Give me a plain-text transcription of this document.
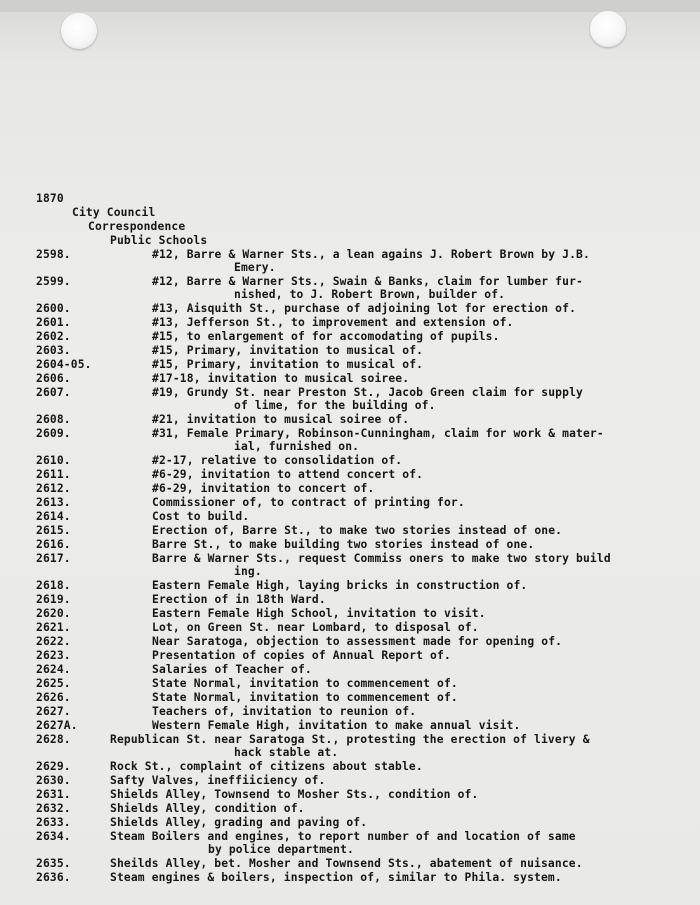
1870
City Council
Correspondence
Public Schools
2598.	#12, Barre & Warner Sts., a lean agains J. Robert Brown by J.B.
Emery.
2599.	#12, Barre & Warner Sts., Swain & Banks, claim for lumber fur-
nished, to J. Robert Brown, builder of.
2600.	#13, Aisquith St., purchase of adjoining lot for erection of.
2601.	#13, Jefferson St., to improvement and extension of.
2602.	#15, to enlargement of for accomodating of pupils.
2603.	#15, Primary, invitation to musical of.
2604-05.	#15, Primary, invitation to musical of.
2606.	#17-18, invitation to musical soiree.
2607.	#19, Grundy St. near Preston St., Jacob Green claim for supply
of lime, for the building of.
2608.	#21, invitation to musical soiree of.
2609.	#31, Female Primary, Robinson-Cunningham, claim for work & mater-
ial, furnished on.
2610.	#2-17, relative to consolidation of.
2611.	#6-29, invitation to attend concert of.
2612.	#6-29, invitation to concert of.
2613.	Commissioner of, to contract of printing for.
2614.	Cost to build.
2615.	Erection of, Barre St., to make two stories instead of one.
2616.	Barre St., to make building two stories instead of one.
2617.	Barre & Warner Sts., request Commiss oners to make two story build
ing.
2618.	Eastern Female High, laying bricks in construction of.
2619.	Erection of in 18th Ward.
2620.	Eastern Female High School, invitation to visit.
2621.	Lot, on Green St. near Lombard, to disposal of.
2622.	Near Saratoga, objection to assessment made for opening of.
2623.	Presentation of copies of Annual Report of.
2624.	Salaries of Teacher of.
2625.	State Normal, invitation to commencement of.
2626.	State Normal, invitation to commencement of.
2627.	Teachers of, invitation to reunion of.
2627A.	Western Female High, invitation to make annual visit.
2628.	Republican St. near Saratoga St., protesting the erection of livery &
hack stable at.
2629.	Rock St., complaint of citizens about stable.
2630.	Safty Valves, ineffiiciency of.
2631.	Shields Alley, Townsend to Mosher Sts., condition of.
2632.	Shields Alley, condition of.
2633.	Shields Alley, grading and paving of.
2634.	Steam Boilers and engines, to report number of and location of same
by police department.
2635.	Sheilds Alley, bet. Mosher and Townsend Sts., abatement of nuisance.
2636.	Steam engines & boilers, inspection of, similar to Phila. system.
